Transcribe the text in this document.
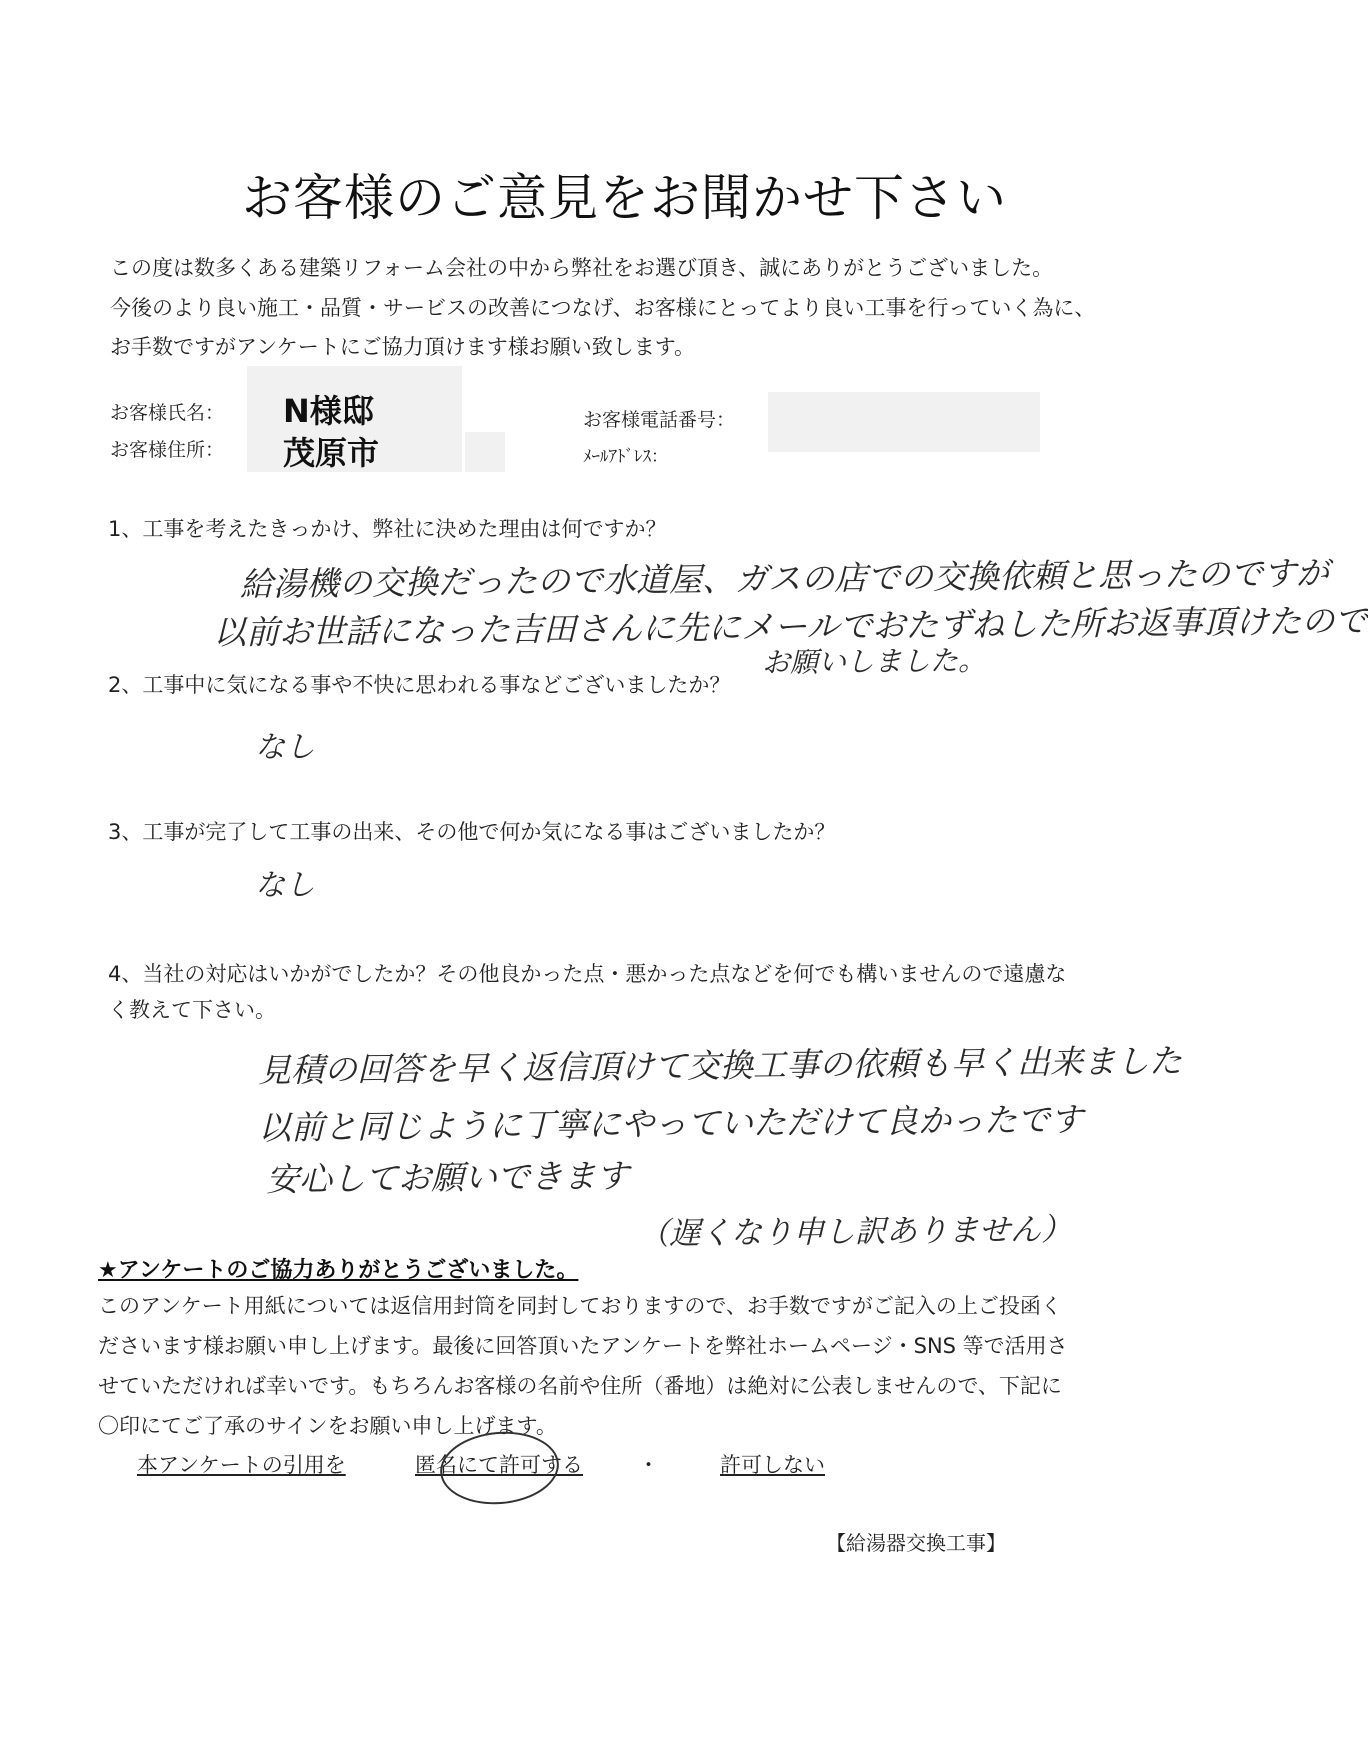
お客様のご意見をお聞かせ下さい
この度は数多くある建築リフォーム会社の中から弊社をお選び頂き、誠にありがとうございました。
今後のより良い施工・品質・サービスの改善につなげ、お客様にとってより良い工事を行っていく為に、
お手数ですがアンケートにご協力頂けます様お願い致します。
お客様氏名： N様邸
お客様住所： 茂原市
お客様電話番号：
ﾒｰﾙｱﾄﾞﾚｽ：
1、工事を考えたきっかけ、弊社に決めた理由は何ですか？
給湯機の交換だったので水道屋、ガスの店での交換依頼と思ったのですが
以前お世話になった吉田さんに先にメールでおたずねした所お返事頂けたので
お願いしました。
2、工事中に気になる事や不快に思われる事などございましたか？
なし
3、工事が完了して工事の出来、その他で何か気になる事はございましたか？
なし
4、当社の対応はいかがでしたか？その他良かった点・悪かった点などを何でも構いませんので遠慮な
く教えて下さい。
見積の回答を早く返信頂けて交換工事の依頼も早く出来ました
以前と同じように丁寧にやっていただけて良かったです
安心してお願いできます
（遅くなり申し訳ありません）
★アンケートのご協力ありがとうございました。
このアンケート用紙については返信用封筒を同封しておりますので、お手数ですがご記入の上ご投函く
ださいます様お願い申し上げます。最後に回答頂いたアンケートを弊社ホームページ・SNS 等で活用さ
せていただければ幸いです。もちろんお客様の名前や住所（番地）は絶対に公表しませんので、下記に
〇印にてご了承のサインをお願い申し上げます。
本アンケートの引用を	匿名にて許可する	・	許可しない
【給湯器交換工事】
